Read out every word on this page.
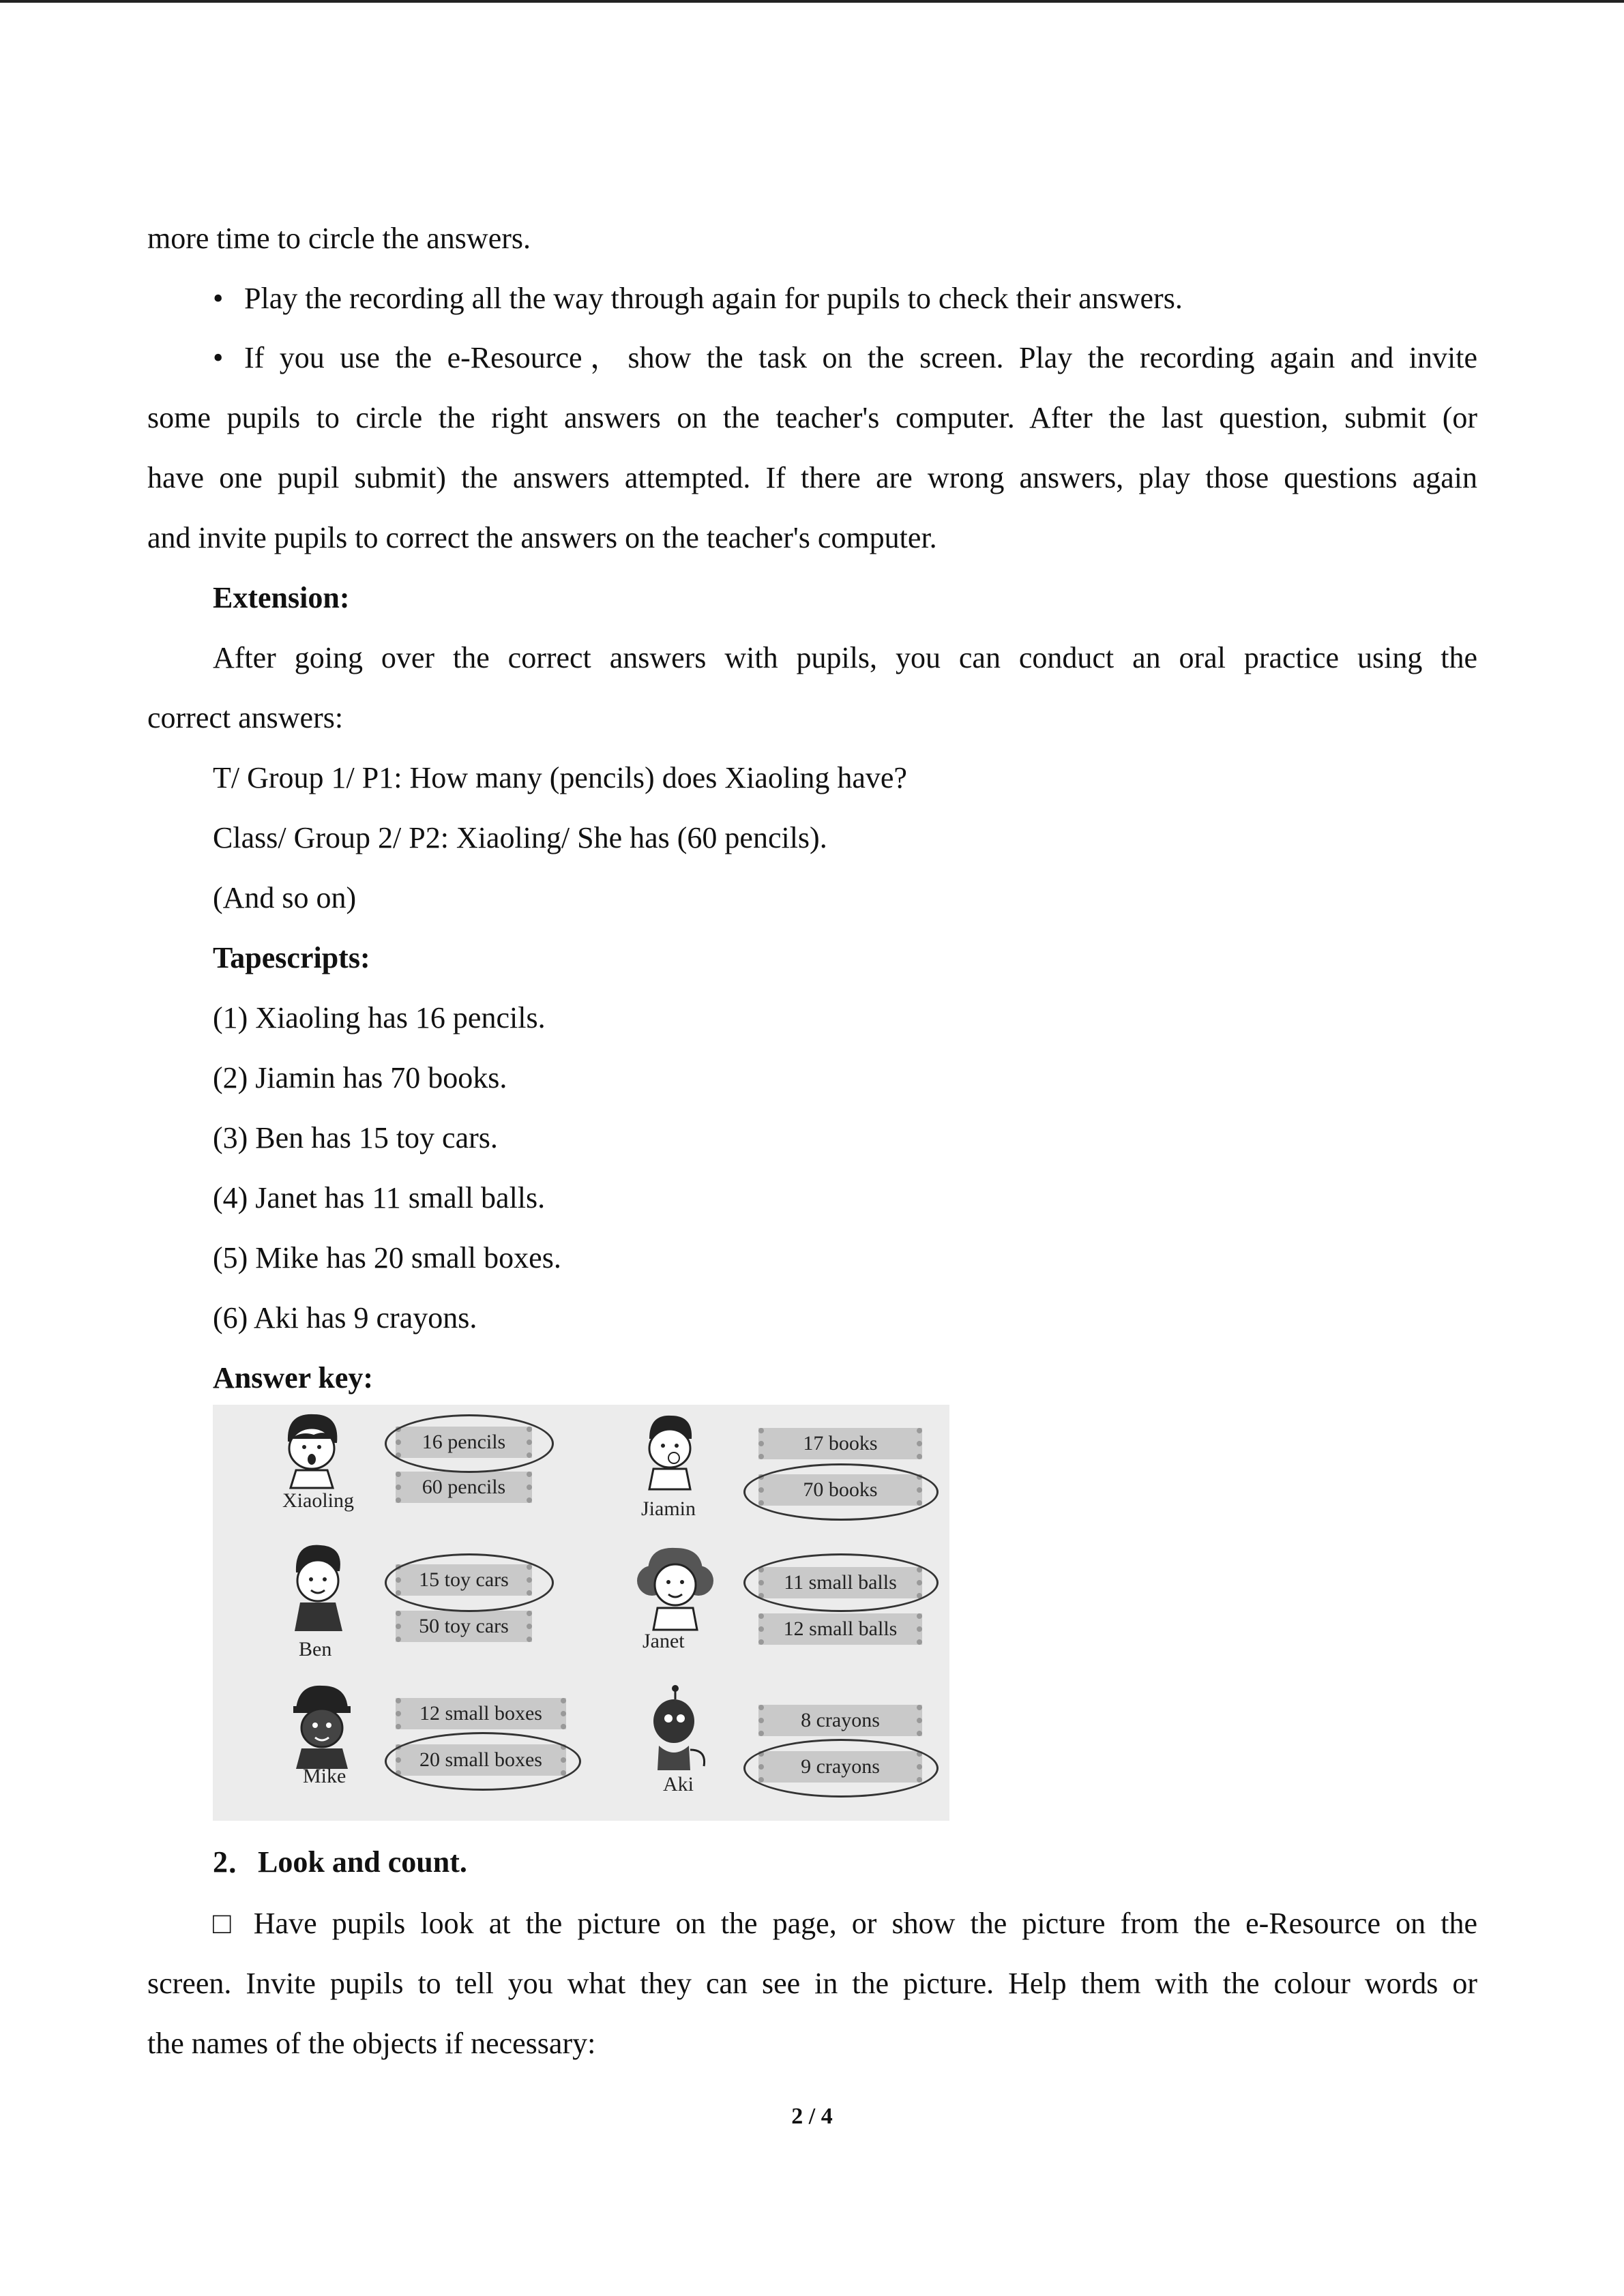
more time to circle the answers.
• Play the recording all the way through again for pupils to check their answers.
• If you use the e-Resource，show the task on the screen. Play the recording again and invite
some pupils to circle the right answers on the teacher's computer. After the last question, submit (or
have one pupil submit) the answers attempted. If there are wrong answers, play those questions again
and invite pupils to correct the answers on the teacher's computer.
Extension:
After going over the correct answers with pupils, you can conduct an oral practice using the
correct answers:
T/ Group 1/ P1: How many (pencils) does Xiaoling have?
Class/ Group 2/ P2: Xiaoling/ She has (60 pencils).
(And so on)
Tapescripts:
(1) Xiaoling has 16 pencils.
(2) Jiamin has 70 books.
(3) Ben has 15 toy cars.
(4) Janet has 11 small balls.
(5) Mike has 20 small boxes.
(6) Aki has 9 crayons.
Answer key:
Xiaoling
16 pencils
60 pencils
Jiamin
17 books
70 books
Ben
15 toy cars
50 toy cars
Janet
11 small balls
12 small balls
Mike
12 small boxes
20 small boxes
Aki
8 crayons
9 crayons
2．Look and count.
□ Have pupils look at the picture on the page, or show the picture from the e-Resource on the
screen. Invite pupils to tell you what they can see in the picture. Help them with the colour words or
the names of the objects if necessary:
2 / 4
